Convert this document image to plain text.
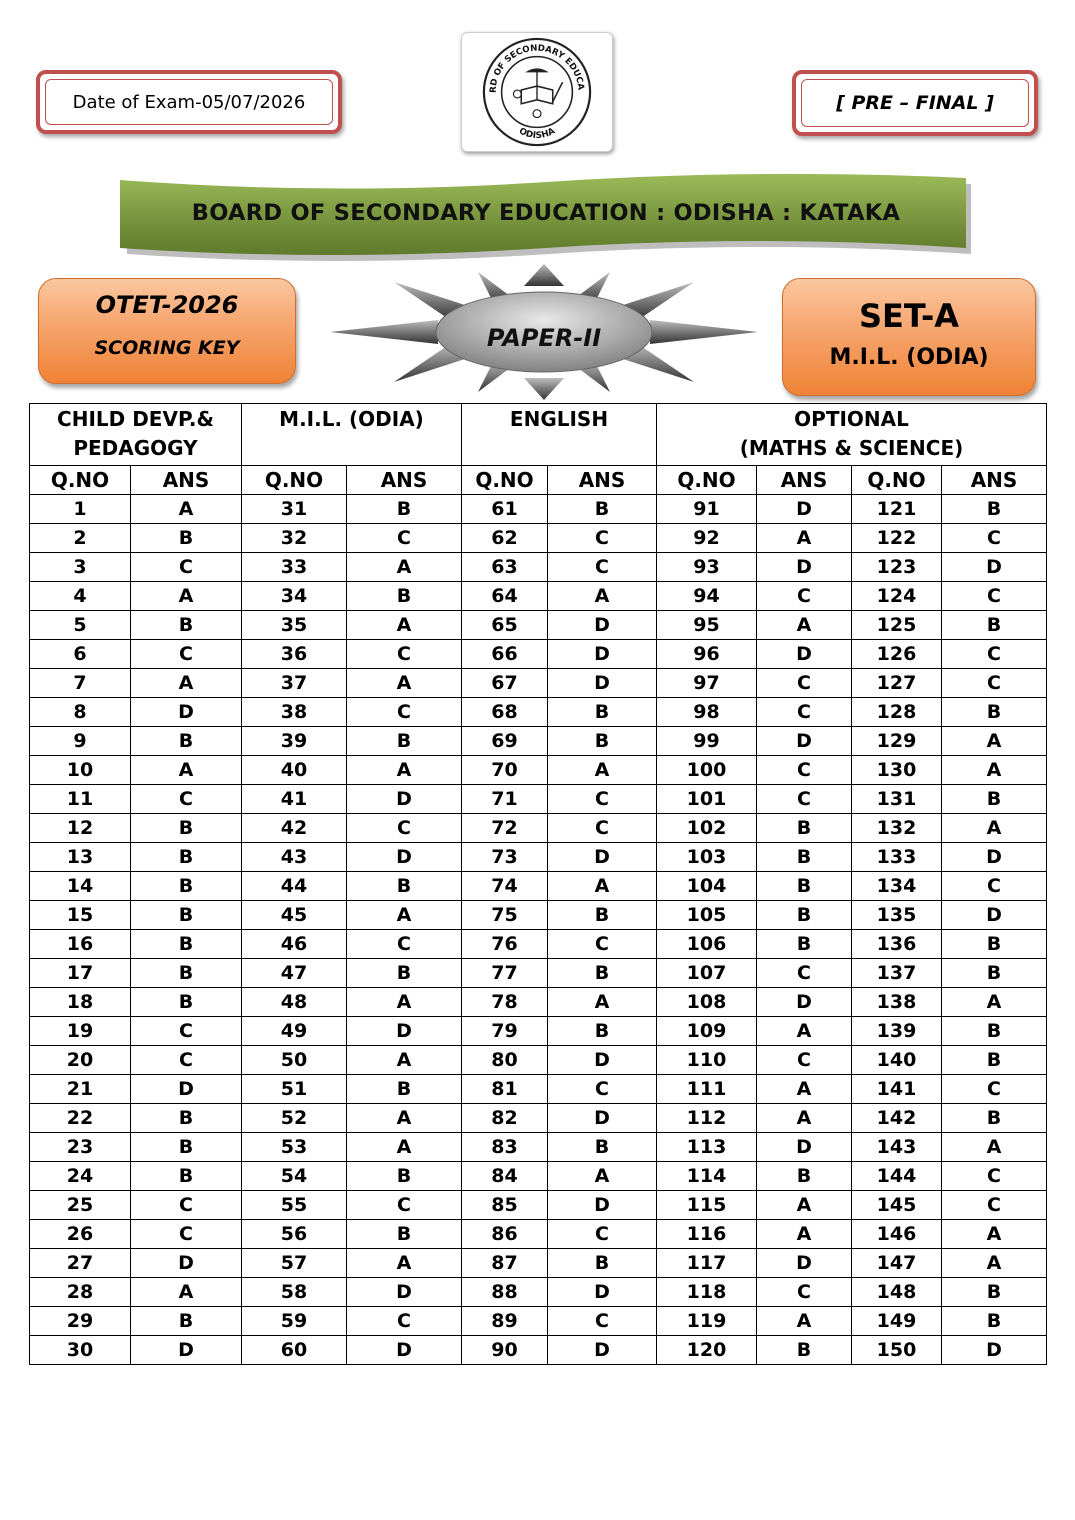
Date of Exam-05/07/2026
RD OF SECONDARY EDUCA
ODISHA
[ PRE – FINAL ]
BOARD OF SECONDARY EDUCATION : ODISHA : KATAKA
OTET-2026
SCORING KEY	PAPER-II
SET-A
M.I.L. (ODIA)
CHILD DEVP.& PEDAGOGY		M.I.L. (ODIA)		ENGLISH		OPTIONAL
(MATHS & SCIENCE)			
Q.NO	ANS	Q.NO	ANS	Q.NO	ANS	Q.NO	ANS	Q.NO	ANS
1	A	31	B	61	B	91	D	121	B
2	B	32	C	62	C	92	A	122	C
3	C	33	A	63	C	93	D	123	D
4	A	34	B	64	A	94	C	124	C
5	B	35	A	65	D	95	A	125	B
6	C	36	C	66	D	96	D	126	C
7	A	37	A	67	D	97	C	127	C
8	D	38	C	68	B	98	C	128	B
9	B	39	B	69	B	99	D	129	A
10	A	40	A	70	A	100	C	130	A
11	C	41	D	71	C	101	C	131	B
12	B	42	C	72	C	102	B	132	A
13	B	43	D	73	D	103	B	133	D
14	B	44	B	74	A	104	B	134	C
15	B	45	A	75	B	105	B	135	D
16	B	46	C	76	C	106	B	136	B
17	B	47	B	77	B	107	C	137	B
18	B	48	A	78	A	108	D	138	A
19	C	49	D	79	B	109	A	139	B
20	C	50	A	80	D	110	C	140	B
21	D	51	B	81	C	111	A	141	C
22	B	52	A	82	D	112	A	142	B
23	B	53	A	83	B	113	D	143	A
24	B	54	B	84	A	114	B	144	C
25	C	55	C	85	D	115	A	145	C
26	C	56	B	86	C	116	A	146	A
27	D	57	A	87	B	117	D	147	A
28	A	58	D	88	D	118	C	148	B
29	B	59	C	89	C	119	A	149	B
30	D	60	D	90	D	120	B	150	D
